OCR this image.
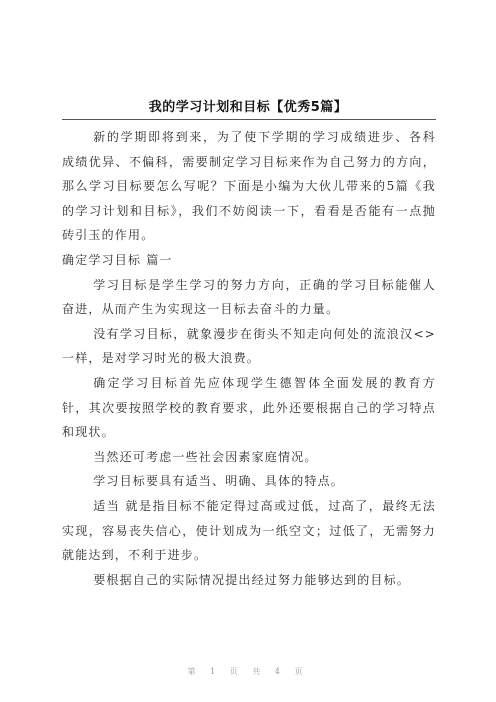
我的学习计划和目标【优秀5篇】

新的学期即将到来，为了使下学期的学习成绩进步、各科成绩优异、不偏科，需要制定学习目标来作为自己努力的方向，那么学习目标要怎么写呢？下面是小编为大伙儿带来的5篇《我的学习计划和目标》，我们不妨阅读一下，看看是否能有一点抛砖引玉的作用。

确定学习目标 篇一

学习目标是学生学习的努力方向，正确的学习目标能催人奋进，从而产生为实现这一目标去奋斗的力量。

没有学习目标，就象漫步在街头不知走向何处的流浪汉<>一样，是对学习时光的极大浪费。

确定学习目标首先应体现学生德智体全面发展的教育方针，其次要按照学校的教育要求，此外还要根据自己的学习特点和现状。

当然还可考虑一些社会因素家庭情况。

学习目标要具有适当、明确、具体的特点。

适当 就是指目标不能定得过高或过低，过高了，最终无法实现，容易丧失信心，使计划成为一纸空文；过低了，无需努力就能达到，不利于进步。

要根据自己的实际情况提出经过努力能够达到的目标。

第 1 页 共 4 页
